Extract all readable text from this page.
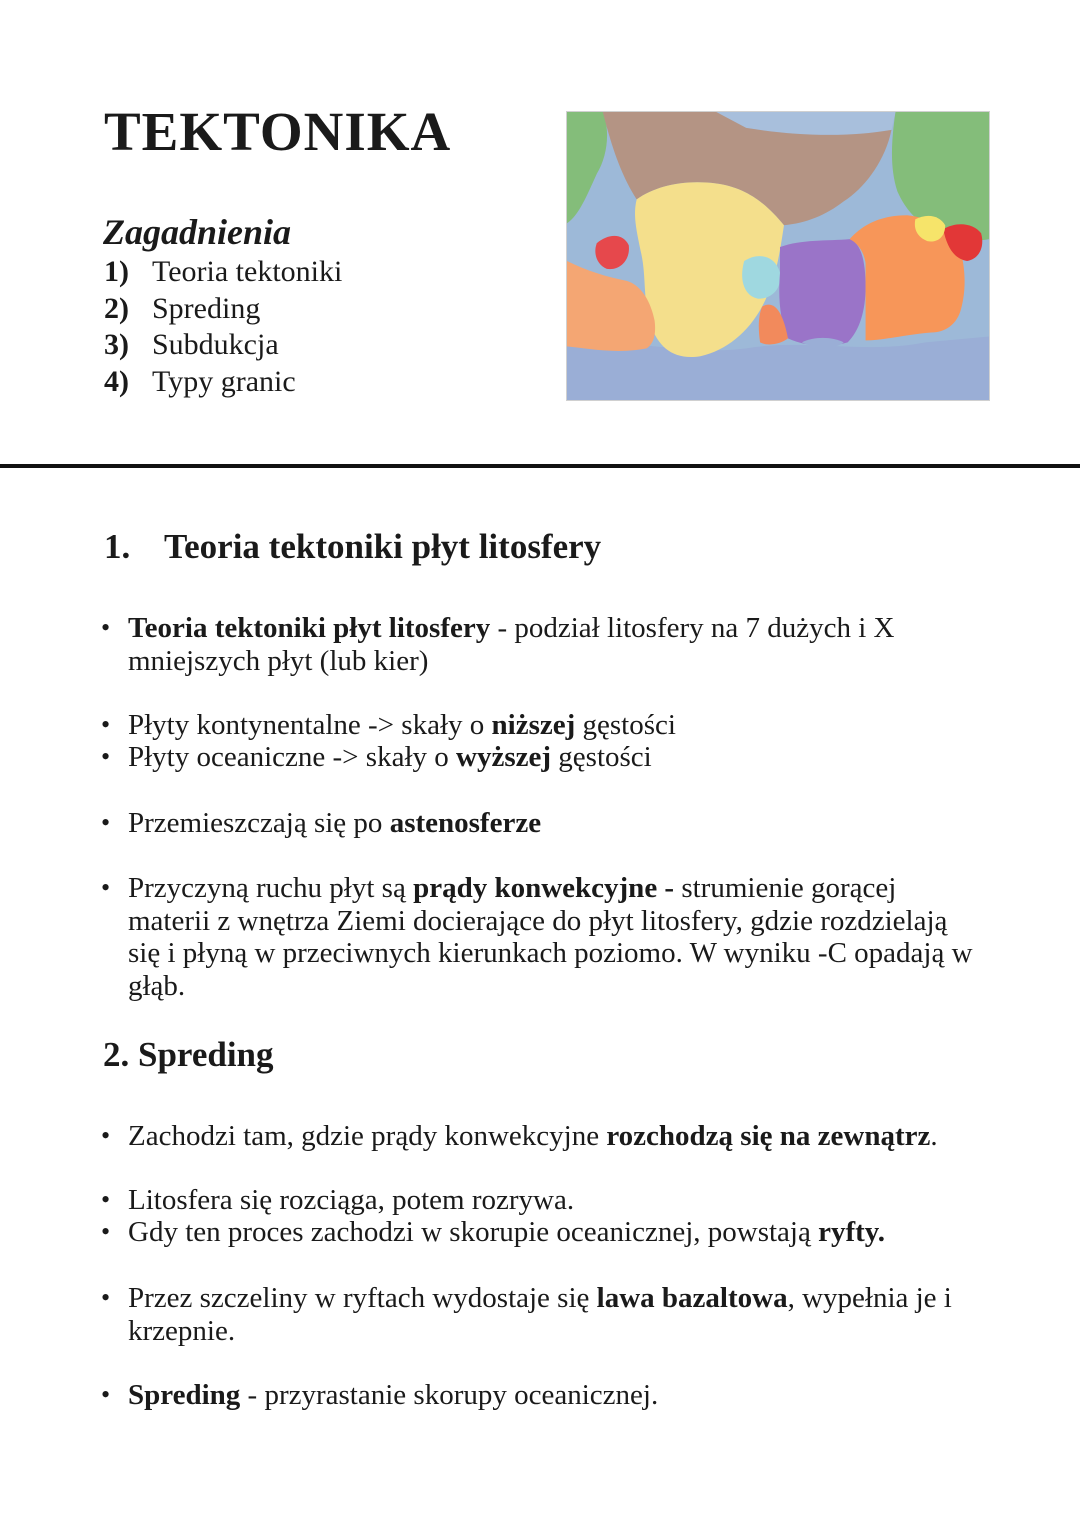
TEKTONIKA
Zagadnienia
1) Teoria tektoniki
2) Spreding
3) Subdukcja
4) Typy granic
1. Teoria tektoniki płyt litosfery

• Teoria tektoniki płyt litosfery - podział litosfery na 7 dużych i X mniejszych płyt (lub kier)

• Płyty kontynentalne -> skały o niższej gęstości

• Płyty oceaniczne -> skały o wyższej gęstości

• Przemieszczają się po astenosferze

• Przyczyną ruchu płyt są prądy konwekcyjne - strumienie gorącej materii z wnętrza Ziemi docierające do płyt litosfery, gdzie rozdzielają się i płyną w przeciwnych kierunkach poziomo. W wyniku -C opadają w głąb.

2. Spreding

• Zachodzi tam, gdzie prądy konwekcyjne rozchodzą się na zewnątrz.

• Litosfera się rozciąga, potem rozrywa.

• Gdy ten proces zachodzi w skorupie oceanicznej, powstają ryfty.

• Przez szczeliny w ryftach wydostaje się lawa bazaltowa, wypełnia je i krzepnie.

• Spreding - przyrastanie skorupy oceanicznej.
